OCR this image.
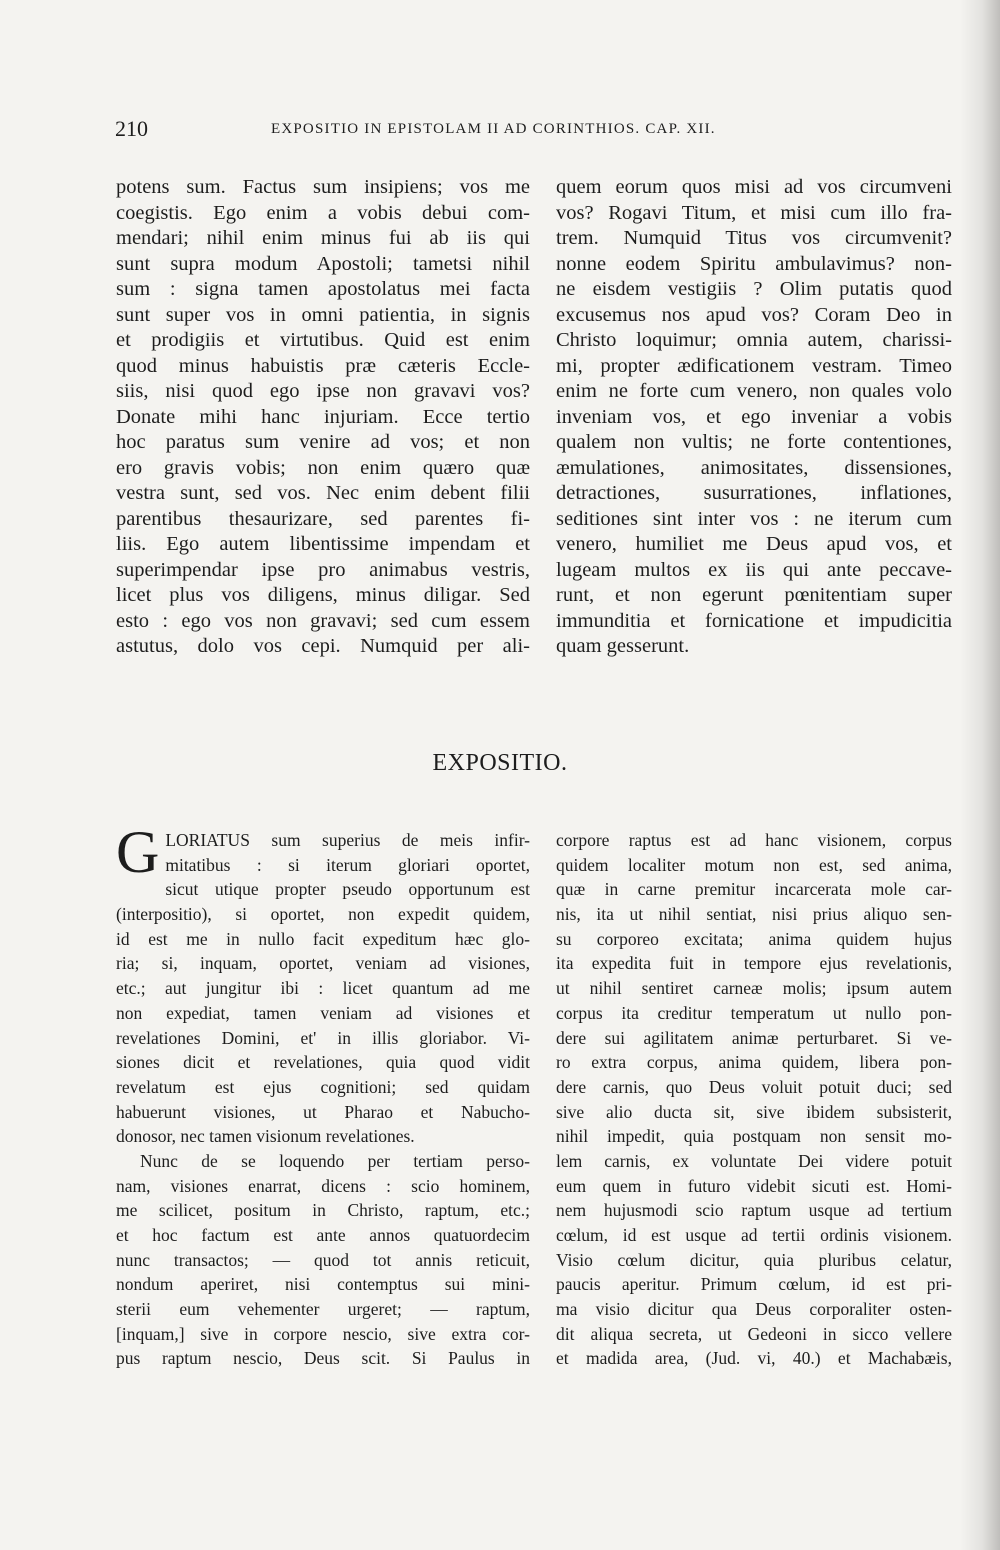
210	EXPOSITIO IN EPISTOLAM II AD CORINTHIOS. CAP. XII.
potens sum. Factus sum insipiens; vos me
coegistis. Ego enim a vobis debui com-
mendari; nihil enim minus fui ab iis qui
sunt supra modum Apostoli; tametsi nihil
sum : signa tamen apostolatus mei facta
sunt super vos in omni patientia, in signis
et prodigiis et virtutibus. Quid est enim
quod minus habuistis præ cæteris Eccle-
siis, nisi quod ego ipse non gravavi vos?
Donate mihi hanc injuriam. Ecce tertio
hoc paratus sum venire ad vos; et non
ero gravis vobis; non enim quæro quæ
vestra sunt, sed vos. Nec enim debent filii
parentibus thesaurizare, sed parentes fi-
liis. Ego autem libentissime impendam et
superimpendar ipse pro animabus vestris,
licet plus vos diligens, minus diligar. Sed
esto : ego vos non gravavi; sed cum essem
astutus, dolo vos cepi. Numquid per ali-
quem eorum quos misi ad vos circumveni
vos? Rogavi Titum, et misi cum illo fra-
trem. Numquid Titus vos circumvenit?
nonne eodem Spiritu ambulavimus? non-
ne eisdem vestigiis ? Olim putatis quod
excusemus nos apud vos? Coram Deo in
Christo loquimur; omnia autem, charissi-
mi, propter ædificationem vestram. Timeo
enim ne forte cum venero, non quales volo
inveniam vos, et ego inveniar a vobis
qualem non vultis; ne forte contentiones,
æmulationes, animositates, dissensiones,
detractiones, susurrationes, inflationes,
seditiones sint inter vos : ne iterum cum
venero, humiliet me Deus apud vos, et
lugeam multos ex iis qui ante peccave-
runt, et non egerunt pœnitentiam super
immunditia et fornicatione et impudicitia
quam gesserunt.
EXPOSITIO.
G LORIATUS sum superius de meis infir-
mitatibus : si iterum gloriari oportet,
sicut utique propter pseudo opportunum est
(interpositio), si oportet, non expedit quidem,
id est me in nullo facit expeditum hæc glo-
ria; si, inquam, oportet, veniam ad visiones,
etc.; aut jungitur ibi : licet quantum ad me
non expediat, tamen veniam ad visiones et
revelationes Domini, et' in illis gloriabor. Vi-
siones dicit et revelationes, quia quod vidit
revelatum est ejus cognitioni; sed quidam
habuerunt visiones, ut Pharao et Nabucho-
donosor, nec tamen visionum revelationes.
Nunc de se loquendo per tertiam perso-
nam, visiones enarrat, dicens : scio hominem,
me scilicet, positum in Christo, raptum, etc.;
et hoc factum est ante annos quatuordecim
nunc transactos; — quod tot annis reticuit,
nondum aperiret, nisi contemptus sui mini-
sterii eum vehementer urgeret; — raptum,
[inquam,] sive in corpore nescio, sive extra cor-
pus raptum nescio, Deus scit. Si Paulus in
corpore raptus est ad hanc visionem, corpus
quidem localiter motum non est, sed anima,
quæ in carne premitur incarcerata mole car-
nis, ita ut nihil sentiat, nisi prius aliquo sen-
su corporeo excitata; anima quidem hujus
ita expedita fuit in tempore ejus revelationis,
ut nihil sentiret carneæ molis; ipsum autem
corpus ita creditur temperatum ut nullo pon-
dere sui agilitatem animæ perturbaret. Si ve-
ro extra corpus, anima quidem, libera pon-
dere carnis, quo Deus voluit potuit duci; sed
sive alio ducta sit, sive ibidem subsisterit,
nihil impedit, quia postquam non sensit mo-
lem carnis, ex voluntate Dei videre potuit
eum quem in futuro videbit sicuti est. Homi-
nem hujusmodi scio raptum usque ad tertium
cœlum, id est usque ad tertii ordinis visionem.
Visio cœlum dicitur, quia pluribus celatur,
paucis aperitur. Primum cœlum, id est pri-
ma visio dicitur qua Deus corporaliter osten-
dit aliqua secreta, ut Gedeoni in sicco vellere
et madida area, (Jud. vi, 40.) et Machabæis,
